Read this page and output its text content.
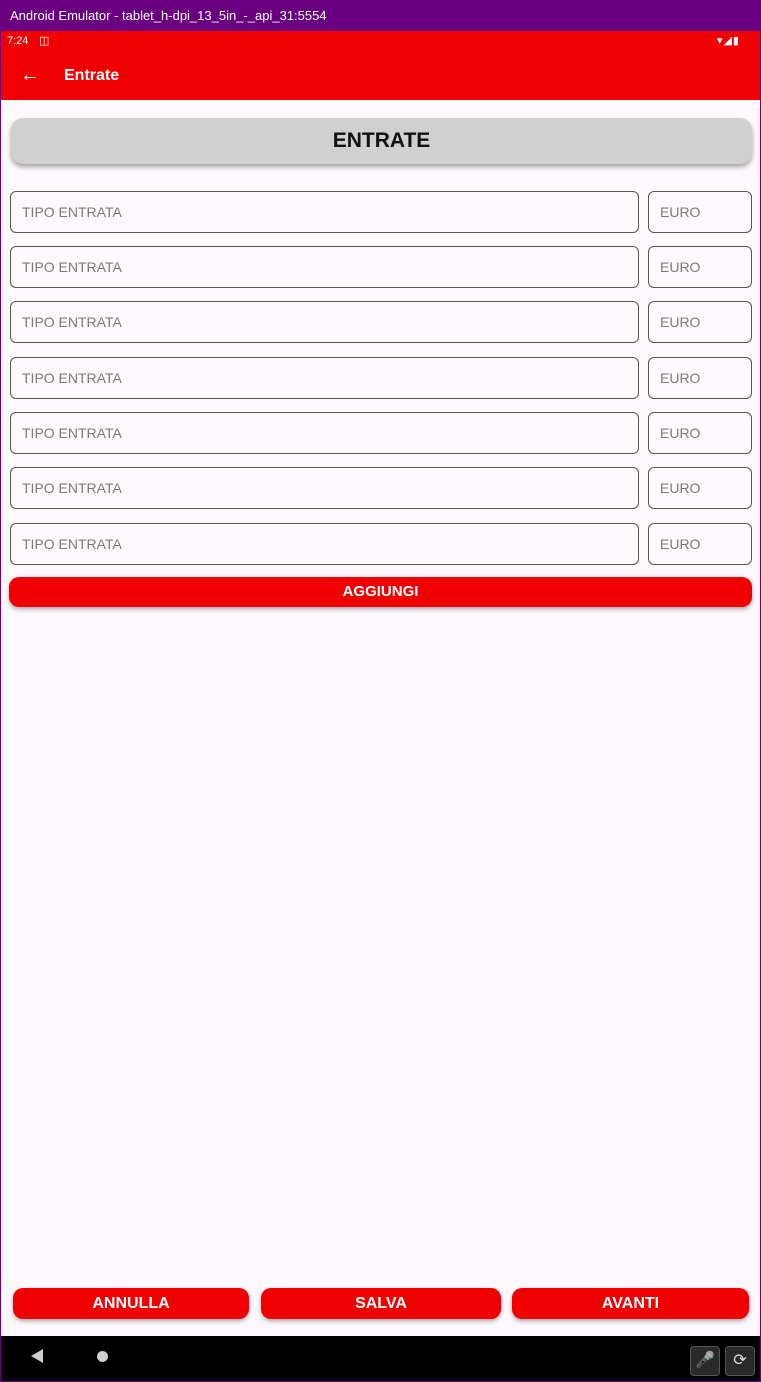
Android Emulator - tablet_h-dpi_13_5in_-_api_31:5554
7:24 ◫	▾◢▮
← Entrate
ENTRATE
TIPO ENTRATA	EURO
TIPO ENTRATA	EURO
TIPO ENTRATA	EURO
TIPO ENTRATA	EURO
TIPO ENTRATA	EURO
TIPO ENTRATA	EURO
TIPO ENTRATA	EURO
AGGIUNGI
ANNULLA	SALVA	AVANTI
🎤	⟳
